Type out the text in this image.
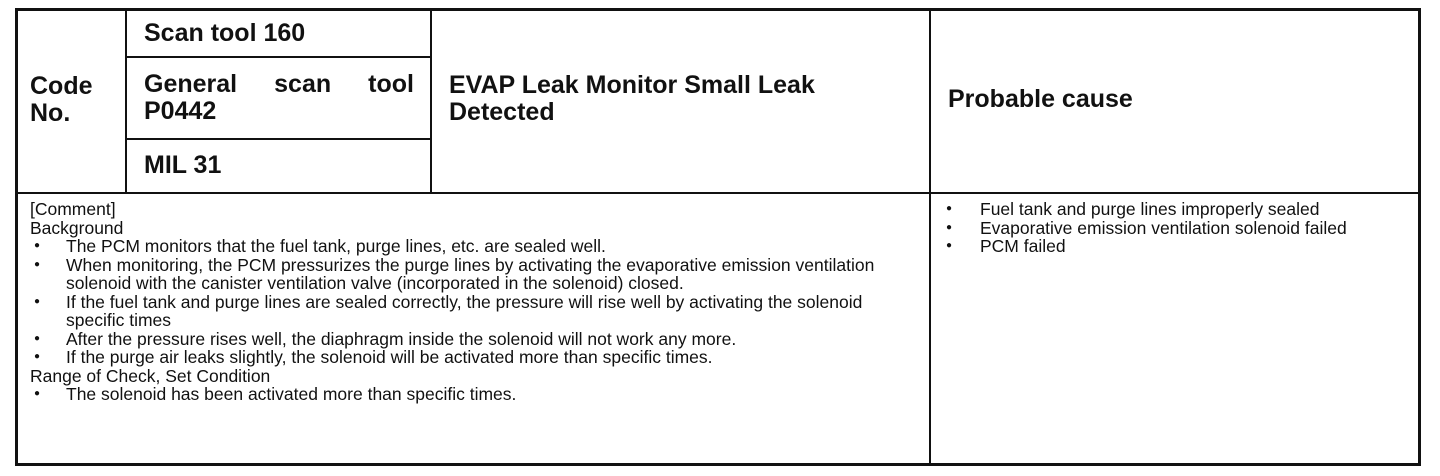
Code No.
Scan tool 160
General scan tool P0442
MIL 31
EVAP Leak Monitor Small Leak Detected	Probable cause
[Comment]
Background
● The PCM monitors that the fuel tank, purge lines, etc. are sealed well.
● When monitoring, the PCM pressurizes the purge lines by activating the evaporative emission ventilation solenoid with the canister ventilation valve (incorporated in the solenoid) closed.
● If the fuel tank and purge lines are sealed correctly, the pressure will rise well by activating the solenoid specific times
● After the pressure rises well, the diaphragm inside the solenoid will not work any more.
● If the purge air leaks slightly, the solenoid will be activated more than specific times.
Range of Check, Set Condition
● The solenoid has been activated more than specific times.
● Fuel tank and purge lines improperly sealed
● Evaporative emission ventilation solenoid failed
● PCM failed
